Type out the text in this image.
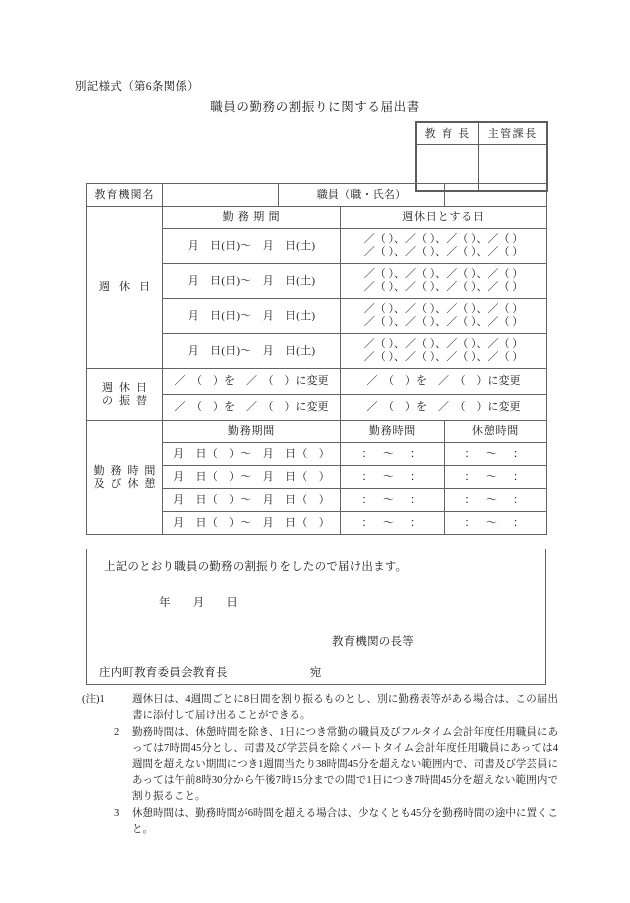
別記様式（第6条関係）
職員の勤務の割振りに関する届出書
教 育 長	主管課長

教育機関名		職員（職・氏名）		
週 休 日	勤 務 期 間		週休日とする日	
	月　日(日)〜　月　日(土)		／（ ）、／（ ）、／（ ）、／（ ）
／（ ）、／（ ）、／（ ）、／（ ）	

	月　日(日)〜　月　日(土)		／（ ）、／（ ）、／（ ）、／（ ）
／（ ）、／（ ）、／（ ）、／（ ）	

	月　日(日)〜　月　日(土)		／（ ）、／（ ）、／（ ）、／（ ）
／（ ）、／（ ）、／（ ）、／（ ）	

	月　日(日)〜　月　日(土)		／（ ）、／（ ）、／（ ）、／（ ）
／（ ）、／（ ）、／（ ）、／（ ）	

週 休 日
の 振 替	／　（　）を　／　（　）に変更		／　（　）を　／　（　）に変更	
	／　（　）を　／　（　）に変更		／　（　）を　／　（　）に変更	

勤 務 時 間
及 び 休 憩	勤務期間		勤務時間	休憩時間
	月　日（　）〜　月　日（　）		：　〜　：	：　〜　：
	月　日（　）〜　月　日（　）		：　〜　：	：　〜　：
	月　日（　）〜　月　日（　）		：　〜　：	：　〜　：
	月　日（　）〜　月　日（　）		：　〜　：	：　〜　：
上記のとおり職員の勤務の割振りをしたので届け出ます。
年 月 日
教育機関の長等
庄内町教育委員会教育長	宛
(注)1	週休日は、4週間ごとに8日間を割り振るものとし、別に勤務表等がある場合は、この届出書に添付して届け出ることができる。
2	勤務時間は、休憩時間を除き、1日につき常勤の職員及びフルタイム会計年度任用職員にあっては7時間45分とし、司書及び学芸員を除くパートタイム会計年度任用職員にあっては4週間を超えない期間につき1週間当たり38時間45分を超えない範囲内で、司書及び学芸員にあっては午前8時30分から午後7時15分までの間で1日につき7時間45分を超えない範囲内で割り振ること。
3	休憩時間は、勤務時間が6時間を超える場合は、少なくとも45分を勤務時間の途中に置くこと。
